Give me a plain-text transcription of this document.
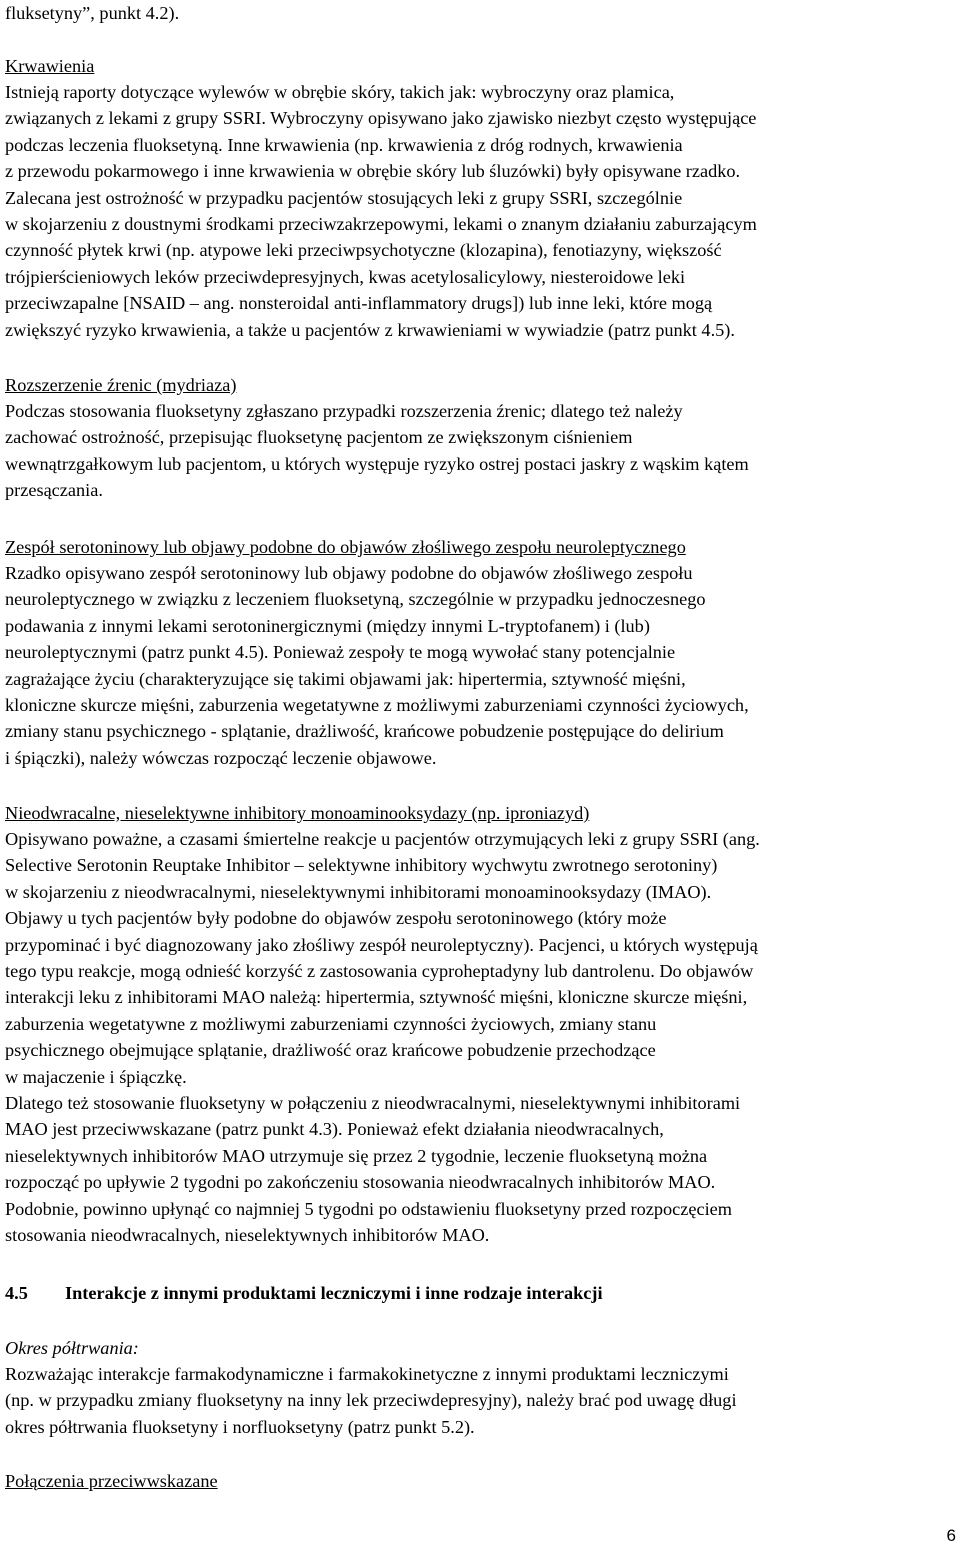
fluksetyny”, punkt 4.2).
Krwawienia
Istnieją raporty dotyczące wylewów w obrębie skóry, takich jak: wybroczyny oraz plamica,
związanych z lekami z grupy SSRI. Wybroczyny opisywano jako zjawisko niezbyt często występujące
podczas leczenia fluoksetyną. Inne krwawienia (np. krwawienia z dróg rodnych, krwawienia
z przewodu pokarmowego i inne krwawienia w obrębie skóry lub śluzówki) były opisywane rzadko.
Zalecana jest ostrożność w przypadku pacjentów stosujących leki z grupy SSRI, szczególnie
w skojarzeniu z doustnymi środkami przeciwzakrzepowymi, lekami o znanym działaniu zaburzającym
czynność płytek krwi (np. atypowe leki przeciwpsychotyczne (klozapina), fenotiazyny, większość
trójpierścieniowych leków przeciwdepresyjnych, kwas acetylosalicylowy, niesteroidowe leki
przeciwzapalne [NSAID – ang. nonsteroidal anti-inflammatory drugs]) lub inne leki, które mogą
zwiększyć ryzyko krwawienia, a także u pacjentów z krwawieniami w wywiadzie (patrz punkt 4.5).
Rozszerzenie źrenic (mydriaza)
Podczas stosowania fluoksetyny zgłaszano przypadki rozszerzenia źrenic; dlatego też należy
zachować ostrożność, przepisując fluoksetynę pacjentom ze zwiększonym ciśnieniem
wewnątrzgałkowym lub pacjentom, u których występuje ryzyko ostrej postaci jaskry z wąskim kątem
przesączania.
Zespół serotoninowy lub objawy podobne do objawów złośliwego zespołu neuroleptycznego
Rzadko opisywano zespół serotoninowy lub objawy podobne do objawów złośliwego zespołu
neuroleptycznego w związku z leczeniem fluoksetyną, szczególnie w przypadku jednoczesnego
podawania z innymi lekami serotoninergicznymi (między innymi L-tryptofanem) i (lub)
neuroleptycznymi (patrz punkt 4.5). Ponieważ zespoły te mogą wywołać stany potencjalnie
zagrażające życiu (charakteryzujące się takimi objawami jak: hipertermia, sztywność mięśni,
kloniczne skurcze mięśni, zaburzenia wegetatywne z możliwymi zaburzeniami czynności życiowych,
zmiany stanu psychicznego - splątanie, drażliwość, krańcowe pobudzenie postępujące do delirium
i śpiączki), należy wówczas rozpocząć leczenie objawowe.
Nieodwracalne, nieselektywne inhibitory monoaminooksydazy (np. iproniazyd)
Opisywano poważne, a czasami śmiertelne reakcje u pacjentów otrzymujących leki z grupy SSRI (ang.
Selective Serotonin Reuptake Inhibitor – selektywne inhibitory wychwytu zwrotnego serotoniny)
w skojarzeniu z nieodwracalnymi, nieselektywnymi inhibitorami monoaminooksydazy (IMAO).
Objawy u tych pacjentów były podobne do objawów zespołu serotoninowego (który może
przypominać i być diagnozowany jako złośliwy zespół neuroleptyczny). Pacjenci, u których występują
tego typu reakcje, mogą odnieść korzyść z zastosowania cyproheptadyny lub dantrolenu. Do objawów
interakcji leku z inhibitorami MAO należą: hipertermia, sztywność mięśni, kloniczne skurcze mięśni,
zaburzenia wegetatywne z możliwymi zaburzeniami czynności życiowych, zmiany stanu
psychicznego obejmujące splątanie, drażliwość oraz krańcowe pobudzenie przechodzące
w majaczenie i śpiączkę.
Dlatego też stosowanie fluoksetyny w połączeniu z nieodwracalnymi, nieselektywnymi inhibitorami
MAO jest przeciwwskazane (patrz punkt 4.3). Ponieważ efekt działania nieodwracalnych,
nieselektywnych inhibitorów MAO utrzymuje się przez 2 tygodnie, leczenie fluoksetyną można
rozpocząć po upływie 2 tygodni po zakończeniu stosowania nieodwracalnych inhibitorów MAO.
Podobnie, powinno upłynąć co najmniej 5 tygodni po odstawieniu fluoksetyny przed rozpoczęciem
stosowania nieodwracalnych, nieselektywnych inhibitorów MAO.
4.5 Interakcje z innymi produktami leczniczymi i inne rodzaje interakcji
Okres półtrwania:
Rozważając interakcje farmakodynamiczne i farmakokinetyczne z innymi produktami leczniczymi
(np. w przypadku zmiany fluoksetyny na inny lek przeciwdepresyjny), należy brać pod uwagę długi
okres półtrwania fluoksetyny i norfluoksetyny (patrz punkt 5.2).
Połączenia przeciwwskazane
6
